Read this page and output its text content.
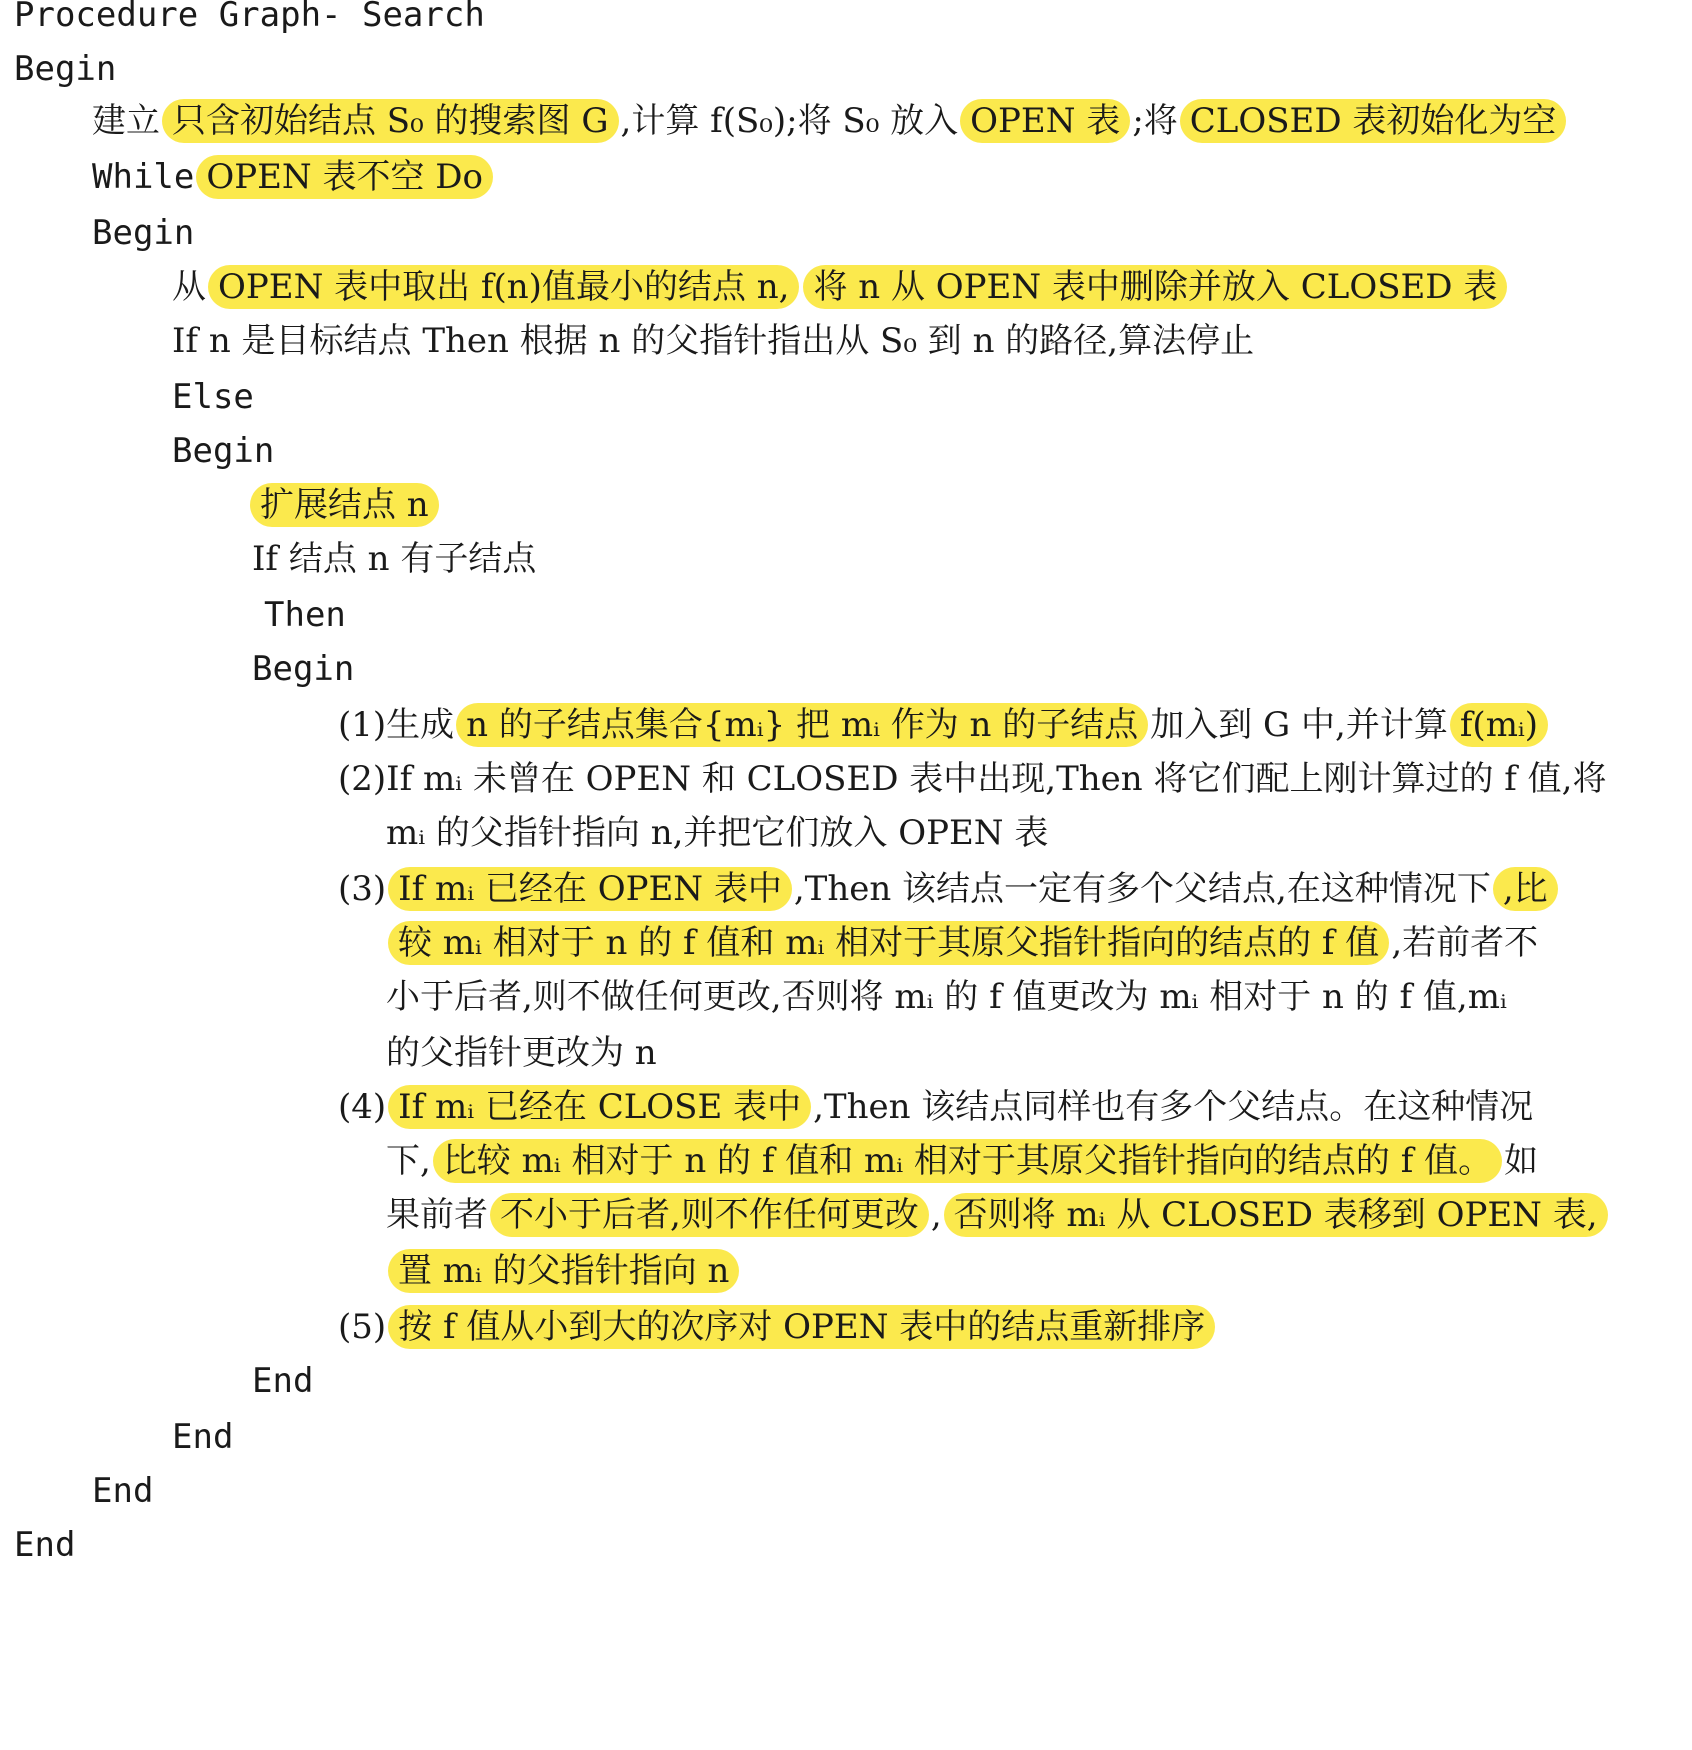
Procedure Graph- Search
Begin
建立 只含初始结点 S₀ 的搜索图 G ,计算 f(S₀);将 S₀ 放入 OPEN 表 ;将 CLOSED 表初始化为空
While OPEN 表不空 Do
Begin
从 OPEN 表中取出 f(n)值最小的结点 n, 将 n 从 OPEN 表中删除并放入 CLOSED 表
If n 是目标结点 Then 根据 n 的父指针指出从 S₀ 到 n 的路径,算法停止
Else
Begin
扩展结点 n
If 结点 n 有子结点
Then
Begin
(1)生成 n 的子结点集合{mᵢ} 把 mᵢ 作为 n 的子结点 加入到 G 中,并计算 f(mᵢ)
(2)If mᵢ 未曾在 OPEN 和 CLOSED 表中出现,Then 将它们配上刚计算过的 f 值,将
mᵢ 的父指针指向 n,并把它们放入 OPEN 表
(3) If mᵢ 已经在 OPEN 表中 ,Then 该结点一定有多个父结点,在这种情况下 ,比
较 mᵢ 相对于 n 的 f 值和 mᵢ 相对于其原父指针指向的结点的 f 值 ,若前者不
小于后者,则不做任何更改,否则将 mᵢ 的 f 值更改为 mᵢ 相对于 n 的 f 值,mᵢ
的父指针更改为 n
(4) If mᵢ 已经在 CLOSE 表中 ,Then 该结点同样也有多个父结点。在这种情况
下, 比较 mᵢ 相对于 n 的 f 值和 mᵢ 相对于其原父指针指向的结点的 f 值。 如
果前者 不小于后者,则不作任何更改 , 否则将 mᵢ 从 CLOSED 表移到 OPEN 表,
置 mᵢ 的父指针指向 n
(5) 按 f 值从小到大的次序对 OPEN 表中的结点重新排序
End
End
End
End
